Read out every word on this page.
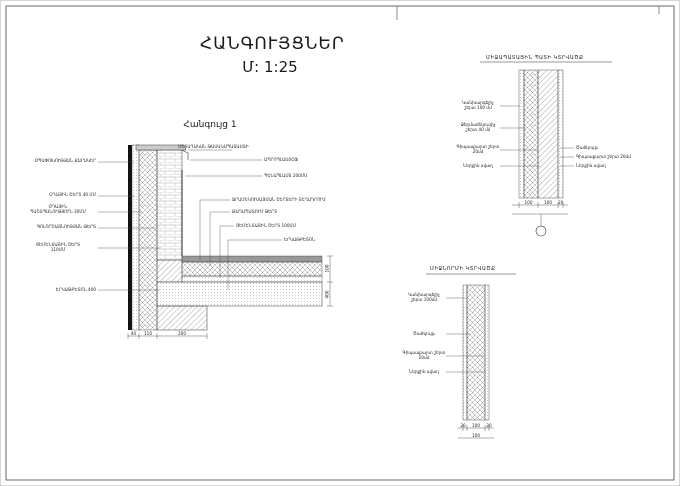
ՀԱՆԳՈՒՅՑՆԵՐ
Մ: 1:25
Հանգույց 1
ՄԵՏԱՂԱԿԱՆ ԹԱՍԱԿԱՊԱՏԱՍՏԻ
ՕՊԱՓՈԽՈՒԹՅԱՆ ՔԱՐԱԿԵՐ	ԱՊՐՈՊԼԱՍՏՕՖ
ՊԵՆԱՊԼԱՍՏ 200ՄՄ
ՕԴԱՅԻՆ ՇԵՐՏ 40 ՄՄ
ՕԴԱՅԻՆ
ՊԱՇՏՊԱՆՈՒԹՅՈՒՆ 30ՄՄ
ԳՈԼՈՐՇԱՅՆՈՒԹՅԱՆ ԹԵՐՏ
ՑԵՄԵՆՏԱՅԻՆ ՇԵՐՏ
110ՄՄ
ՋՐԱՄԵԿՈՒՍԱՑՄԱՆ ՇԵՐՏԵՐԻ ՏԵՂԱԴՐՈՒՄ
ԹԱՂԱՊԱՏՈՒՄ ԹԵՐՏ
ՑԵՄԵՆՏԱՅԻՆ ՇԵՐՏ 100ՄՄ
ԵՐԿԱԹԲԵՏՈՆ
ԵՐԿԱԹԲԵՏՈՆ 400
40	110	200
100
400
ՄԻՋԱՊԱՏԱՅԻՆ ՊԱՏԻ ԿՏՐՎԱԾՔ
Կանխարգելիչ շերտ 100 մմ
Ջերմամեկուսիչ շերտ 40 մմ
Գիպսաքարտ շերտ 20մմ
Ներքին սվաղ
Ծածկույթ
Գիպսաքարտ շերտ 20մմ
Ներքին սվաղ
100	100	20
ՄԻՋՆՈՐՄԻ ԿՏՐՎԱԾՔ
Կանխարգելիչ շերտ 100մմ
Ծածկույթ
Գիպսաքարտ շերտ 20մմ
Ներքին սվաղ
20	100	20
100
